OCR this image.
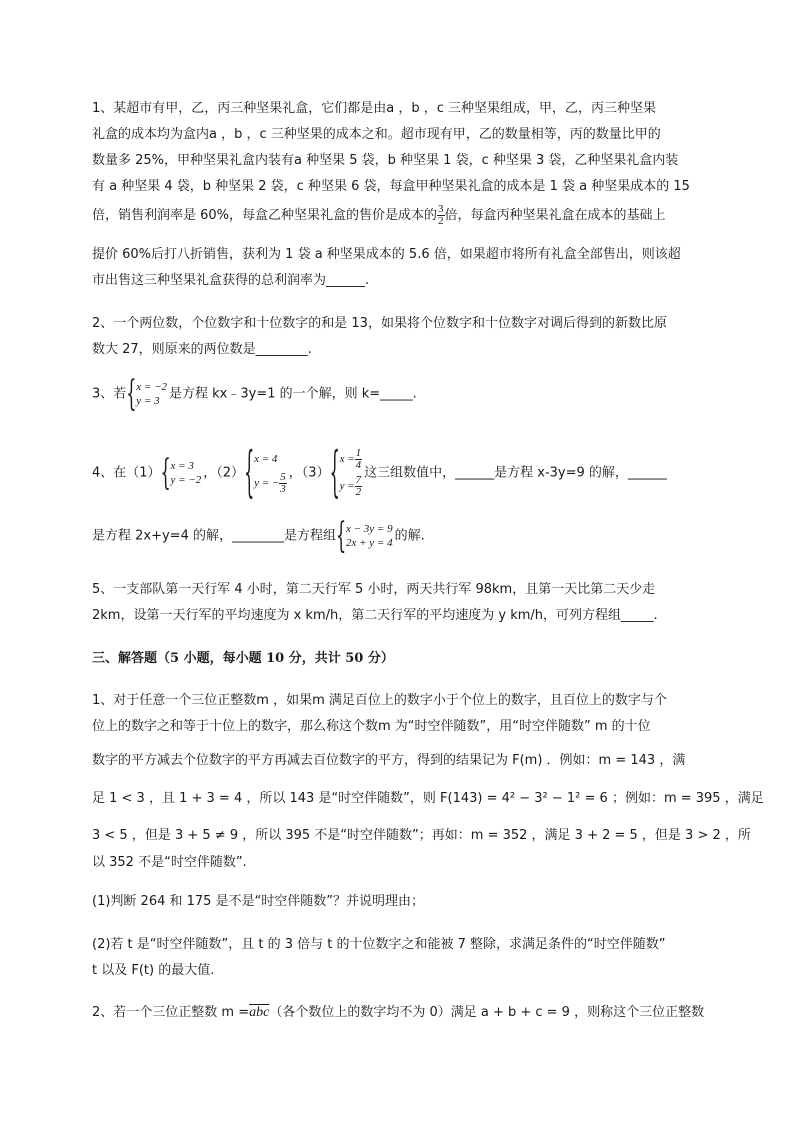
1、某超市有甲，乙，丙三种坚果礼盒，它们都是由a ，b ，c 三种坚果组成，甲，乙，丙三种坚果
礼盒的成本均为盒内a ，b ，c 三种坚果的成本之和。超市现有甲，乙的数量相等，丙的数量比甲的
数量多 25%，甲种坚果礼盒内装有a 种坚果 5 袋，b 种坚果 1 袋，c 种坚果 3 袋，乙种坚果礼盒内装
有 a 种坚果 4 袋，b 种坚果 2 袋，c 种坚果 6 袋，每盒甲种坚果礼盒的成本是 1 袋 a 种坚果成本的 15
倍，销售利润率是 60%，每盒乙种坚果礼盒的售价是成本的 $\frac{3}{2}$ 倍，每盒丙种坚果礼盒在成本的基础上
提价 60%后打八折销售，获利为 1 袋 a 种坚果成本的 5.6 倍，如果超市将所有礼盒全部售出，则该超
市出售这三种坚果礼盒获得的总利润率为______.
2、一个两位数，个位数字和十位数字的和是 13，如果将个位数字和十位数字对调后得到的新数比原
数大 27，则原来的两位数是________.
3、若 { x = −2
y = 3 是方程 kx﹣3y=1 的一个解，则 k=_____.
4、在（1） { x = 3
y = −2 ，（2）
{ x = 4
y = − $\frac{5}{3}$ ，（3）
{ $x = \frac{1}{4}$
$y = \frac{7}{2}$
这三组数值中，______是方程 x-3y=9 的解，______
是方程 2x+y=4 的解，________是方程组 { x − 3y = 9
2x + y = 4 的解.
5、一支部队第一天行军 4 小时，第二天行军 5 小时，两天共行军 98km，且第一天比第二天少走
2km，设第一天行军的平均速度为 x km/h，第二天行军的平均速度为 y km/h，可列方程组_____.
三、解答题（5 小题，每小题 10 分，共计 50 分）
1、对于任意一个三位正整数m ，如果m 满足百位上的数字小于个位上的数字，且百位上的数字与个
位上的数字之和等于十位上的数字，那么称这个数m 为“时空伴随数”，用“时空伴随数” m 的十位
数字的平方减去个位数字的平方再减去百位数字的平方，得到的结果记为 F(m) ．例如：m = 143 ，满
足 1 < 3 ，且 1 + 3 = 4 ，所以 143 是“时空伴随数”，则 F(143) = 4² − 3² − 1² = 6 ；例如：m = 395 ，满足
3 < 5 ，但是 3 + 5 ≠ 9 ，所以 395 不是“时空伴随数”；再如：m = 352 ，满足 3 + 2 = 5 ，但是 3 > 2 ，所
以 352 不是“时空伴随数”.
(1)判断 264 和 175 是不是“时空伴随数”？并说明理由；
(2)若 t 是“时空伴随数”，且 t 的 3 倍与 t 的十位数字之和能被 7 整除，求满足条件的“时空伴随数”
t 以及 F(t) 的最大值.
2、若一个三位正整数 $m =\overline{abc}$（各个数位上的数字均不为 0）满足 a + b + c = 9 ，则称这个三位正整数
